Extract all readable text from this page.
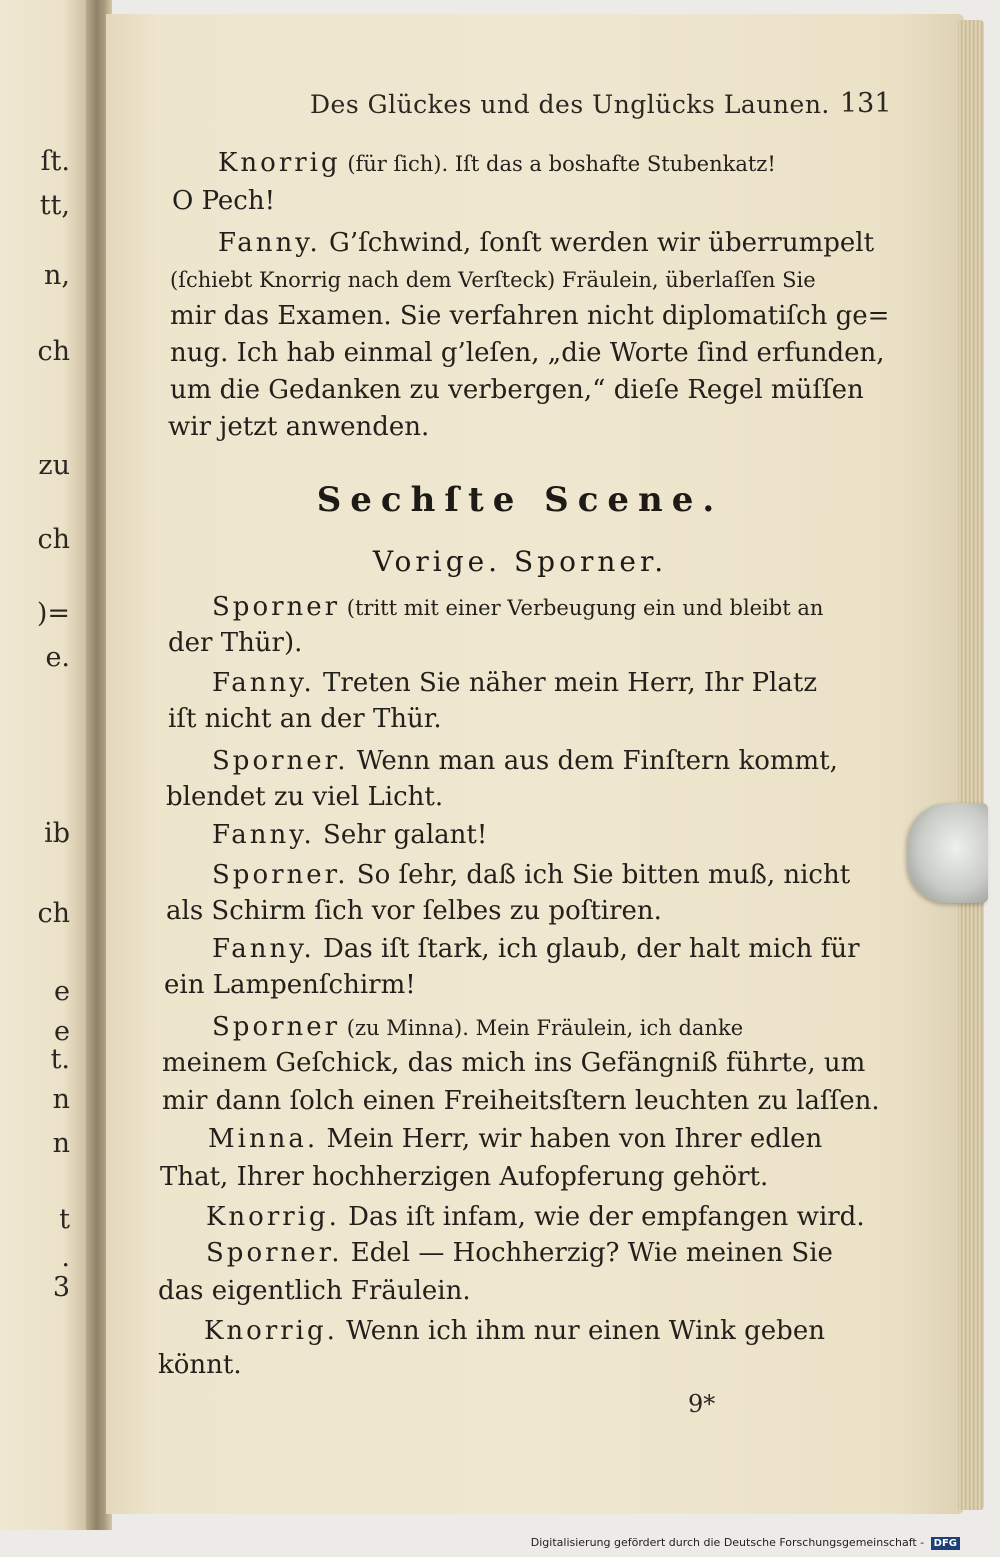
ſt.
tt,
n,
ch
zu
ch
)=
e.
ib
ch
e
e
t.
n
n
t
.
3
Des Glückes und des Unglücks Launen. 131
Knorrig (für ſich). Iſt das a boshafte Stubenkatz!
O Pech!
Fanny. G’ſchwind, ſonſt werden wir überrumpelt
(ſchiebt Knorrig nach dem Verſteck) Fräulein, überlaſſen Sie
mir das Examen. Sie verfahren nicht diplomatiſch ge=
nug. Ich hab einmal g’leſen, „die Worte ſind erfunden,
um die Gedanken zu verbergen,“ dieſe Regel müſſen
wir jetzt anwenden.
Sechſte Scene.
Vorige. Sporner.
Sporner (tritt mit einer Verbeugung ein und bleibt an
der Thür).
Fanny. Treten Sie näher mein Herr, Ihr Platz
iſt nicht an der Thür.
Sporner. Wenn man aus dem Finſtern kommt,
blendet zu viel Licht.
Fanny. Sehr galant!
Sporner. So ſehr, daß ich Sie bitten muß, nicht
als Schirm ſich vor ſelbes zu poſtiren.
Fanny. Das iſt ſtark, ich glaub, der halt mich für
ein Lampenſchirm!
Sporner (zu Minna). Mein Fräulein, ich danke
meinem Geſchick, das mich ins Gefängniß führte, um
mir dann ſolch einen Freiheitsſtern leuchten zu laſſen.
Minna. Mein Herr, wir haben von Ihrer edlen
That, Ihrer hochherzigen Aufopferung gehört.
Knorrig. Das iſt infam, wie der empfangen wird.
Sporner. Edel — Hochherzig? Wie meinen Sie
das eigentlich Fräulein.
Knorrig. Wenn ich ihm nur einen Wink geben
könnt.
9*
Digitalisierung gefördert durch die Deutsche Forschungsgemeinschaft - DFG
